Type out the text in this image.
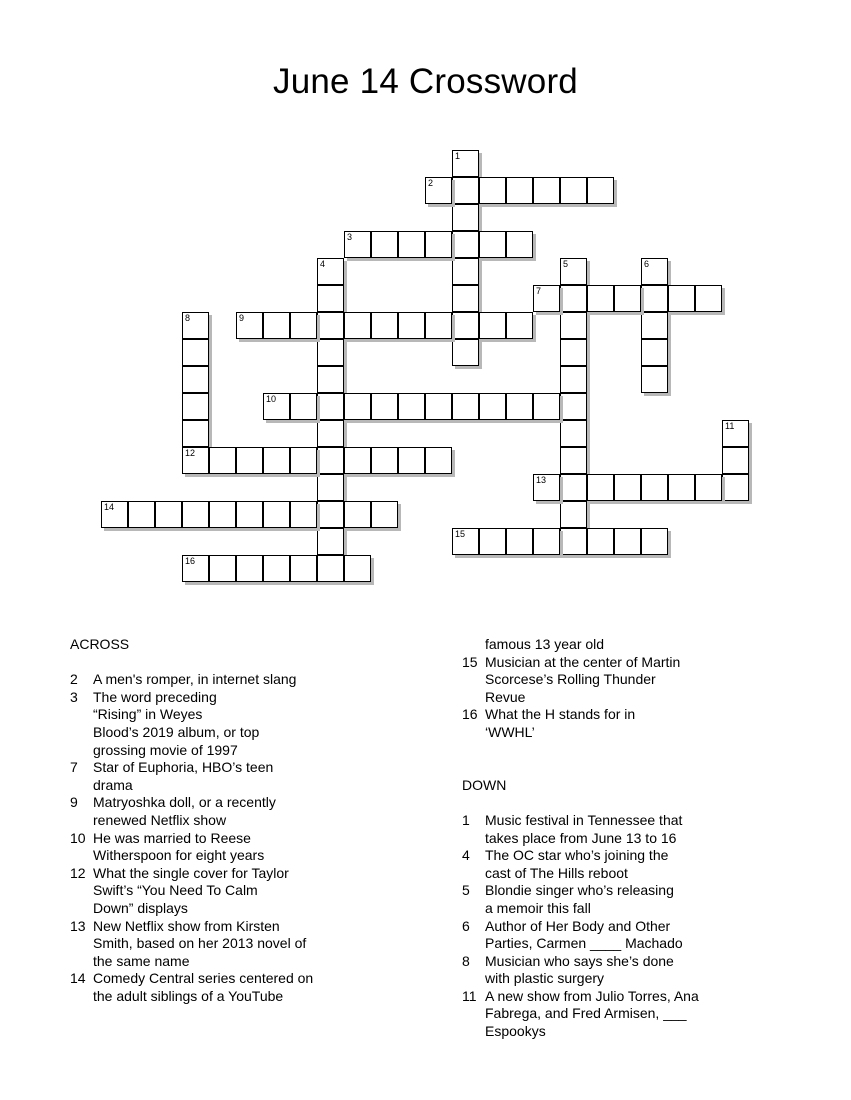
June 14 Crossword
1
2
3
4	5	6
7
8
12
9
10
11
13
14
15
16
ACROSS
2 A men's romper, in internet slang
3 The word preceding
“Rising” in Weyes
Blood’s 2019 album, or top
grossing movie of 1997
7 Star of Euphoria, HBO’s teen
drama
9 Matryoshka doll, or a recently
renewed Netflix show
10 He was married to Reese
Witherspoon for eight years
12 What the single cover for Taylor
Swift’s “You Need To Calm
Down” displays
13 New Netflix show from Kirsten
Smith, based on her 2013 novel of
the same name
14 Comedy Central series centered on
the adult siblings of a YouTube
famous 13 year old
15 Musician at the center of Martin
Scorcese’s Rolling Thunder
Revue
16 What the H stands for in
‘WWHL’
DOWN
1 Music festival in Tennessee that
takes place from June 13 to 16
4 The OC star who’s joining the
cast of The Hills reboot
5 Blondie singer who’s releasing
a memoir this fall
6 Author of Her Body and Other
Parties, Carmen ____ Machado
8 Musician who says she’s done
with plastic surgery
11 A new show from Julio Torres, Ana
Fabrega, and Fred Armisen, ___
Espookys
